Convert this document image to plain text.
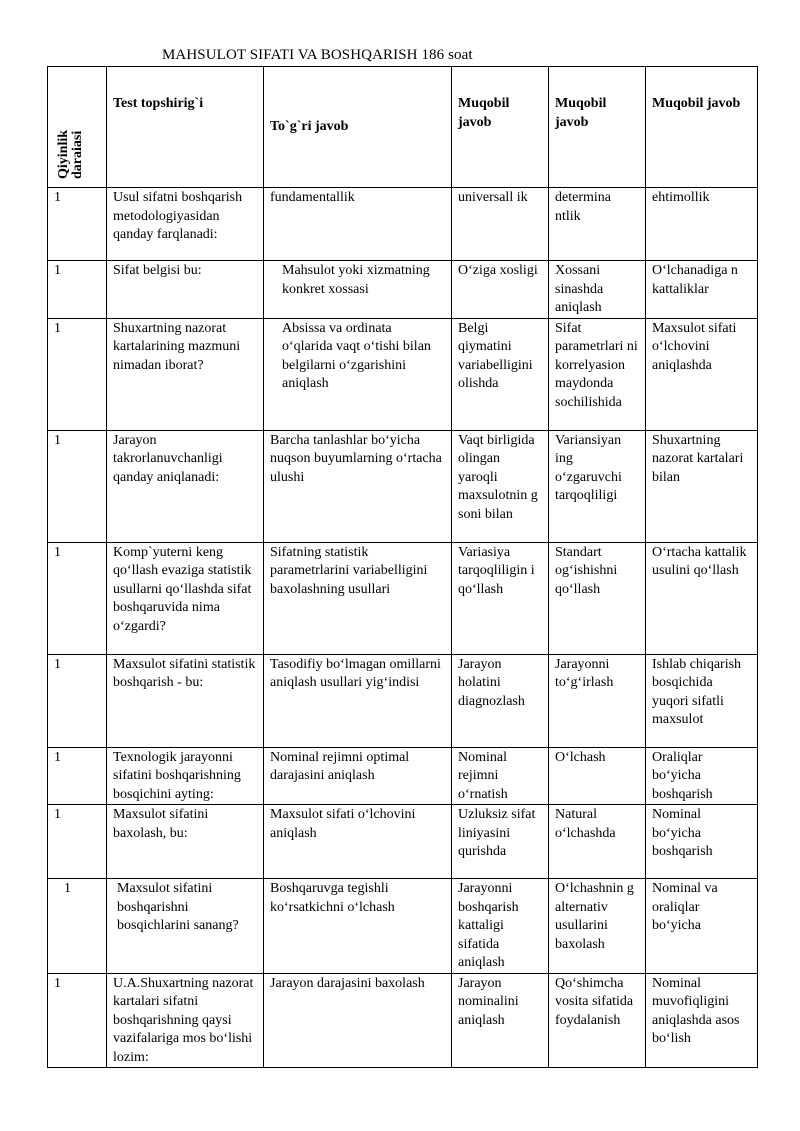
MAHSULOT SIFATI VA BOSHQARISH 186 soat
Qiyinlik daraiasi	Test topshirig`i	To`g`ri javob	Muqobil javob	Muqobil javob	Muqobil javob
1	Usul sifatni boshqarish metodologiyasidan qanday farqlanadi:	fundamentallik	universall ik	determina ntlik	ehtimollik
1	Sifat belgisi bu:	Mahsulot yoki xizmatning konkret xossasi	O‘ziga xosligi	Xossani sinashda aniqlash	O‘lchanadiga n kattaliklar
1	Shuxartning nazorat kartalarining mazmuni nimadan iborat?	Absissa va ordinata o‘qlarida vaqt o‘tishi bilan belgilarni o‘zgarishini aniqlash	Belgi qiymatini variabelligini olishda	Sifat parametrlari ni korrelyasion maydonda sochilishida	Maxsulot sifati o‘lchovini aniqlashda
1	Jarayon takrorlanuvchanligi qanday aniqlanadi:	Barcha tanlashlar bo‘yicha nuqson buyumlarning o‘rtacha ulushi	Vaqt birligida olingan yaroqli maxsulotnin g soni bilan	Variansiyan ing o‘zgaruvchi tarqoqliligi	Shuxartning nazorat kartalari bilan
1	Komp`yuterni keng qo‘llash evaziga statistik usullarni qo‘llashda sifat boshqaruvida nima o‘zgardi?	Sifatning statistik parametrlarini variabelligini baxolashning usullari	Variasiya tarqoqliligin i qo‘llash	Standart og‘ishishni qo‘llash	O‘rtacha kattalik usulini qo‘llash
1	Maxsulot sifatini statistik boshqarish - bu:	Tasodifiy bo‘lmagan omillarni aniqlash usullari yig‘indisi	Jarayon holatini diagnozlash	Jarayonni to‘g‘irlash	Ishlab chiqarish bosqichida yuqori sifatli maxsulot
1	Texnologik jarayonni sifatini boshqarishning bosqichini ayting:	Nominal rejimni optimal darajasini aniqlash	Nominal rejimni o‘rnatish	O‘lchash	Oraliqlar bo‘yicha boshqarish
1	Maxsulot sifatini baxolash, bu:	Maxsulot sifati o‘lchovini aniqlash	Uzluksiz sifat liniyasini qurishda	Natural o‘lchashda	Nominal bo‘yicha boshqarish
1	Maxsulot sifatini boshqarishni bosqichlarini sanang?	Boshqaruvga tegishli ko‘rsatkichni o‘lchash	Jarayonni boshqarish kattaligi sifatida aniqlash	O‘lchashnin g alternativ usullarini baxolash	Nominal va oraliqlar bo‘yicha
1	U.A.Shuxartning nazorat kartalari sifatni boshqarishning qaysi vazifalariga mos bo‘lishi lozim:	Jarayon darajasini baxolash	Jarayon nominalini aniqlash	Qo‘shimcha vosita sifatida foydalanish	Nominal muvofiqligini aniqlashda asos bo‘lish
